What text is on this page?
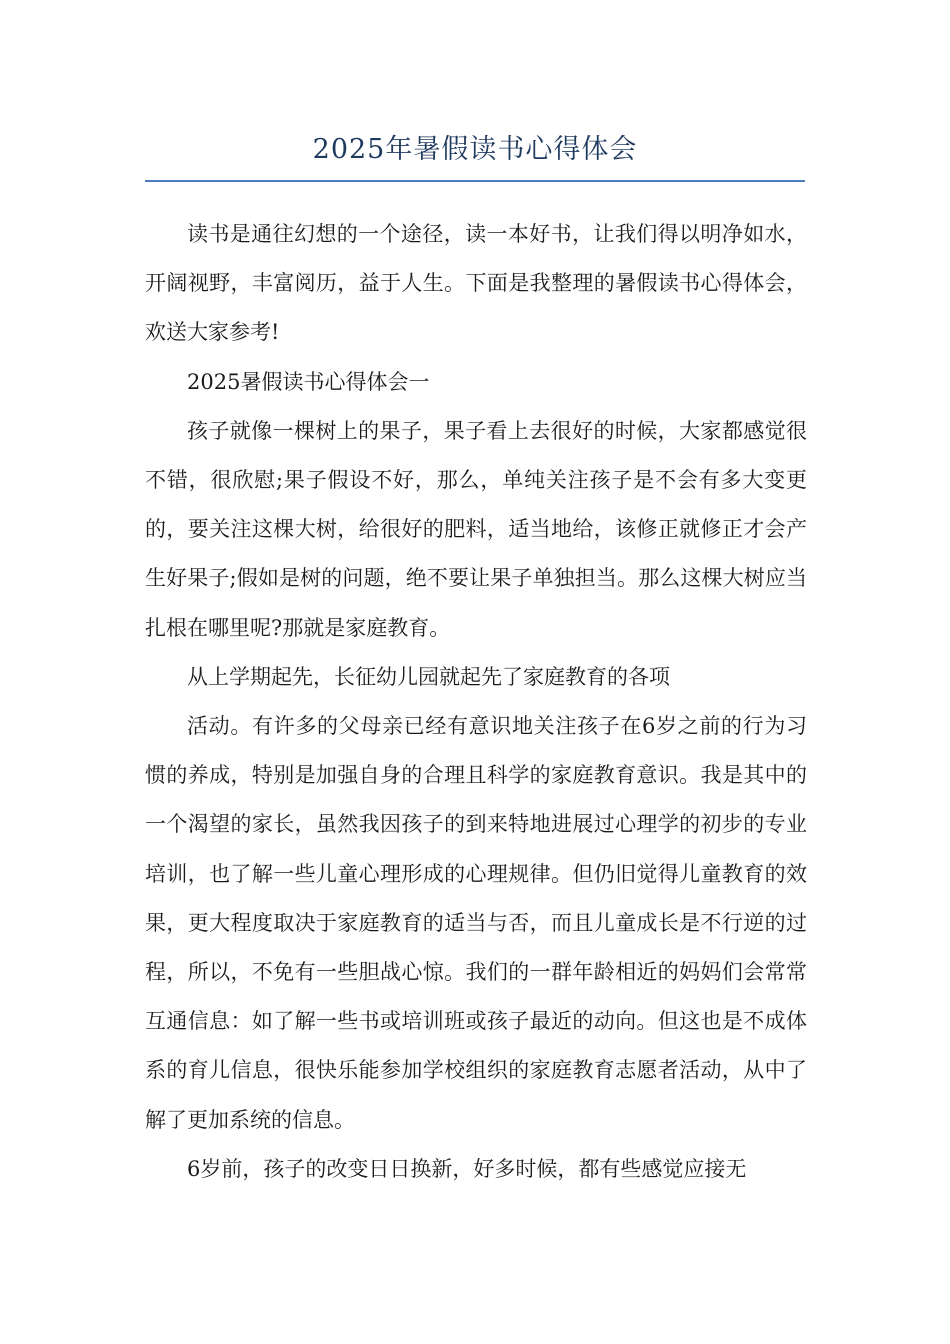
2025年暑假读书心得体会

读书是通往幻想的一个途径，读一本好书，让我们得以明净如水，开阔视野，丰富阅历，益于人生。下面是我整理的暑假读书心得体会，欢送大家参考!

2025暑假读书心得体会一

孩子就像一棵树上的果子，果子看上去很好的时候，大家都感觉很不错，很欣慰;果子假设不好，那么，单纯关注孩子是不会有多大变更的，要关注这棵大树，给很好的肥料，适当地给，该修正就修正才会产生好果子;假如是树的问题，绝不要让果子单独担当。那么这棵大树应当扎根在哪里呢?那就是家庭教育。

从上学期起先，长征幼儿园就起先了家庭教育的各项

活动。有许多的父母亲已经有意识地关注孩子在6岁之前的行为习惯的养成，特别是加强自身的合理且科学的家庭教育意识。我是其中的一个渴望的家长，虽然我因孩子的到来特地进展过心理学的初步的专业培训，也了解一些儿童心理形成的心理规律。但仍旧觉得儿童教育的效果，更大程度取决于家庭教育的适当与否，而且儿童成长是不行逆的过程，所以，不免有一些胆战心惊。我们的一群年龄相近的妈妈们会常常互通信息：如了解一些书或培训班或孩子最近的动向。但这也是不成体系的育儿信息，很快乐能参加学校组织的家庭教育志愿者活动，从中了解了更加系统的信息。

6岁前，孩子的改变日日换新，好多时候，都有些感觉应接无
